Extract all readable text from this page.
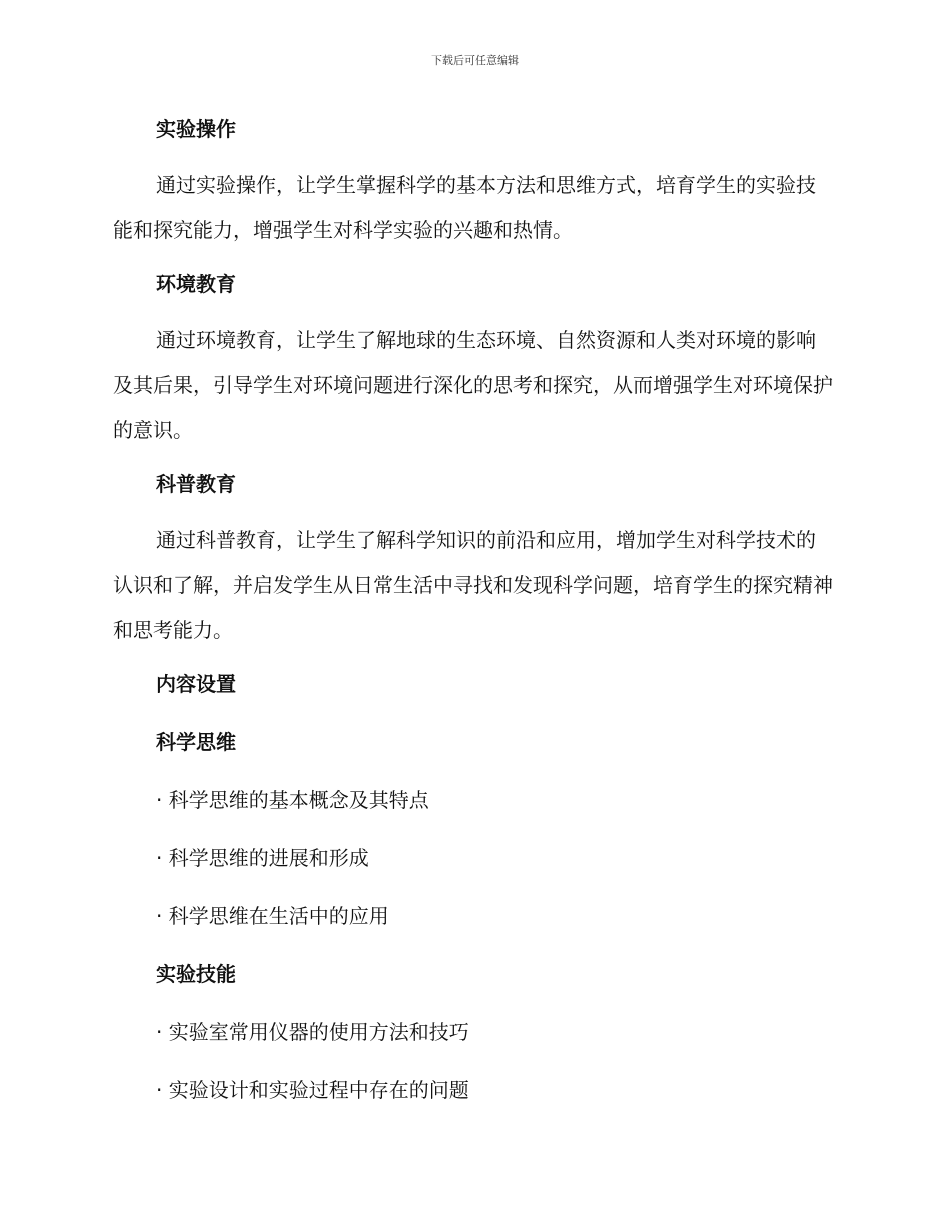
下载后可任意编辑
实验操作

通过实验操作，让学生掌握科学的基本方法和思维方式，培育学生的实验技能和探究能力，增强学生对科学实验的兴趣和热情。

环境教育

通过环境教育，让学生了解地球的生态环境、自然资源和人类对环境的影响及其后果，引导学生对环境问题进行深化的思考和探究，从而增强学生对环境保护的意识。

科普教育

通过科普教育，让学生了解科学知识的前沿和应用，增加学生对科学技术的认识和了解，并启发学生从日常生活中寻找和发现科学问题，培育学生的探究精神和思考能力。

内容设置
科学思维

· 科学思维的基本概念及其特点

· 科学思维的进展和形成

· 科学思维在生活中的应用

实验技能

· 实验室常用仪器的使用方法和技巧

· 实验设计和实验过程中存在的问题
